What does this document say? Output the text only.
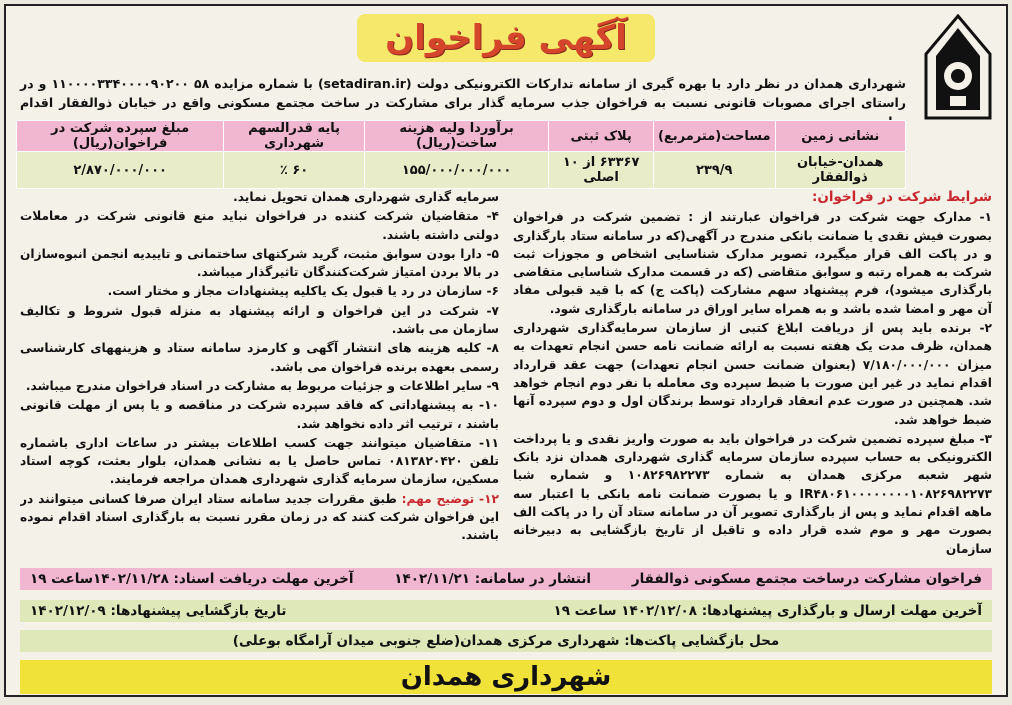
آگهی فراخوان
شهرداری همدان در نظر دارد با بهره گیری از سامانه تدارکات الکترونیکی دولت (setadiran.ir) با شماره مزایده ۵۸ ۱۱۰۰۰۰۳۳۴۰۰۰۰۹۰۲۰۰ و در راستای اجرای مصوبات قانونی نسبت به فراخوان جذب سرمایه گذار برای مشارکت در ساخت مجتمع مسکونی واقع در خیابان ذوالفقار اقدام
نشانی زمین	مساحت(مترمربع)	پلاک ثبتی	برآوردا ولیه هزینه ساخت(ریال)	پایه قدرالسهم شهرداری	مبلغ سپرده شرکت در فراخوان(ریال)
همدان-خیابان ذوالفقار	۲۳۹/۹	۶۳۳۶۷ از ۱۰ اصلی	۱۵۵/۰۰۰/۰۰۰/۰۰۰	۶۰ ٪	۲/۸۷۰/۰۰۰/۰۰۰
شرایط شرکت در فراخوان:

۱- مدارک جهت شرکت در فراخوان عبارتند از : تضمین شرکت در فراخوان بصورت فیش نقدی یا ضمانت بانکی مندرج در آگهی(که در سامانه ستاد بارگذاری و در پاکت الف قرار میگیرد، تصویر مدارک شناسایی اشخاص و مجوزات ثبت شرکت به همراه رتبه و سوابق متقاضی (که در قسمت مدارک شناسایی متقاضی بارگذاری میشود)، فرم پیشنهاد سهم مشارکت (پاکت ج) که با قید قبولی مفاد آن مهر و امضا شده باشد و به همراه سایر اوراق در سامانه بارگذاری شود.

۲- برنده باید پس از دریافت ابلاغ کتبی از سازمان سرمایه‌گذاری شهرداری همدان، ظرف مدت یک هفته نسبت به ارائه ضمانت نامه حسن انجام تعهدات به میزان ۷/۱۸۰/۰۰۰/۰۰۰ (بعنوان ضمانت حسن انجام تعهدات) جهت عقد قرارداد اقدام نماید در غیر این صورت با ضبط سپرده وی معامله با نفر دوم انجام خواهد شد. همچنین در صورت عدم انعقاد قرارداد توسط برندگان اول و دوم سپرده آنها ضبط خواهد شد.

۳- مبلغ سپرده تضمین شرکت در فراخوان باید به صورت واریز نقدی و یا پرداخت الکترونیکی به حساب سپرده سازمان سرمایه گذاری شهرداری همدان نزد بانک شهر شعبه مرکزی همدان به شماره ۱۰۸۲۶۹۸۲۲۷۳ و شماره شبا IR۴۸۰۶۱۰۰۰۰۰۰۰۰۱۰۸۲۶۹۸۲۲۷۳ و یا بصورت ضمانت نامه بانکی با اعتبار سه ماهه اقدام نماید و پس از بارگذاری تصویر آن در سامانه ستاد آن را در پاکت الف بصورت مهر و موم شده قرار داده و تاقبل از تاریخ بازگشایی به دبیرخانه سازمان

سرمایه گذاری شهرداری همدان تحویل نماید.

۴- متقاضیان شرکت کننده در فراخوان نباید منع قانونی شرکت در معاملات دولتی داشته باشند.

۵- دارا بودن سوابق مثبت، گرید شرکتهای ساختمانی و تاییدیه انجمن انبوه‌سازان در بالا بردن امتیاز شرکت‌کنندگان تاثیرگذار میباشد.

۶- سازمان در رد یا قبول یک یاکلیه پیشنهادات مجاز و مختار است.

۷- شرکت در این فراخوان و ارائه پیشنهاد به منزله قبول شروط و تکالیف سازمان می باشد.

۸- کلیه هزینه های انتشار آگهی و کارمزد سامانه ستاد و هزینههای کارشناسی رسمی بعهده برنده فراخوان می باشد.

۹- سایر اطلاعات و جزئیات مربوط به مشارکت در اسناد فراخوان مندرج میباشد.

۱۰- به پیشنهاداتی که فاقد سپرده شرکت در مناقصه و یا پس از مهلت قانونی باشند ، ترتیب اثر داده نخواهد شد.

۱۱- متقاضیان میتوانند جهت کسب اطلاعات بیشتر در ساعات اداری باشماره تلفن ۰۸۱۳۸۲۰۴۲۰ تماس حاصل یا به نشانی همدان، بلوار بعثت، کوچه استاد مسکین، سازمان سرمایه گذاری شهرداری همدان مراجعه فرمایند.

۱۲- توضیح مهم: طبق مقررات جدید سامانه ستاد ایران صرفا کسانی میتوانند در این فراخوان شرکت کنند که در زمان مقرر نسبت به بارگذاری اسناد اقدام نموده باشند.

فراخوان مشارکت درساخت مجتمع مسکونی ذوالفقار
انتشار در سامانه: ۱۴۰۲/۱۱/۲۱
آخرین مهلت دریافت اسناد: ۱۴۰۲/۱۱/۲۸ساعت ۱۹
آخرین مهلت ارسال و بارگذاری پیشنهادها: ۱۴۰۲/۱۲/۰۸ ساعت ۱۹
تاریخ بازگشایی پیشنهادها: ۱۴۰۲/۱۲/۰۹
محل بازگشایی پاکت‌ها: شهرداری مرکزی همدان(ضلع جنوبی میدان آرامگاه بوعلی)
شهرداری همدان
